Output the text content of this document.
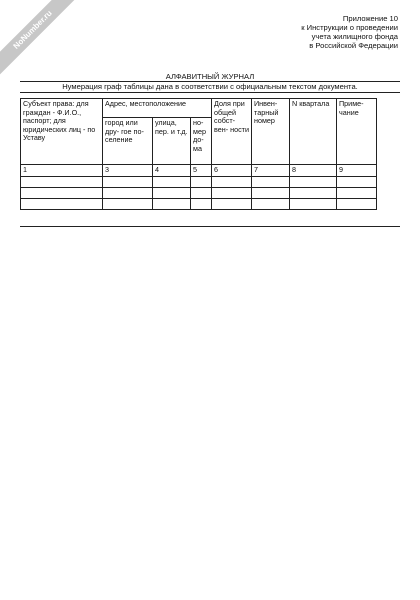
NoNumber.ru	Приложение 10
к Инструкции о проведении
учета жилищного фонда
в Российской Федерации
АЛФАВИТНЫЙ ЖУРНАЛ
Нумерация граф таблицы дана в соответствии с официальным текстом документа.
Субъект права: для граждан - Ф.И.О., паспорт; для юридических лиц - по Уставу	Адрес, местоположение			Доля при общей собст- вен- ности	Инвен- тарный номер	N квартала	Приме- чание
	город или дру- гое по- селение	улица, пер. и т.д.	но- мер до- ма				
1	3	4	5	6	7	8	9
